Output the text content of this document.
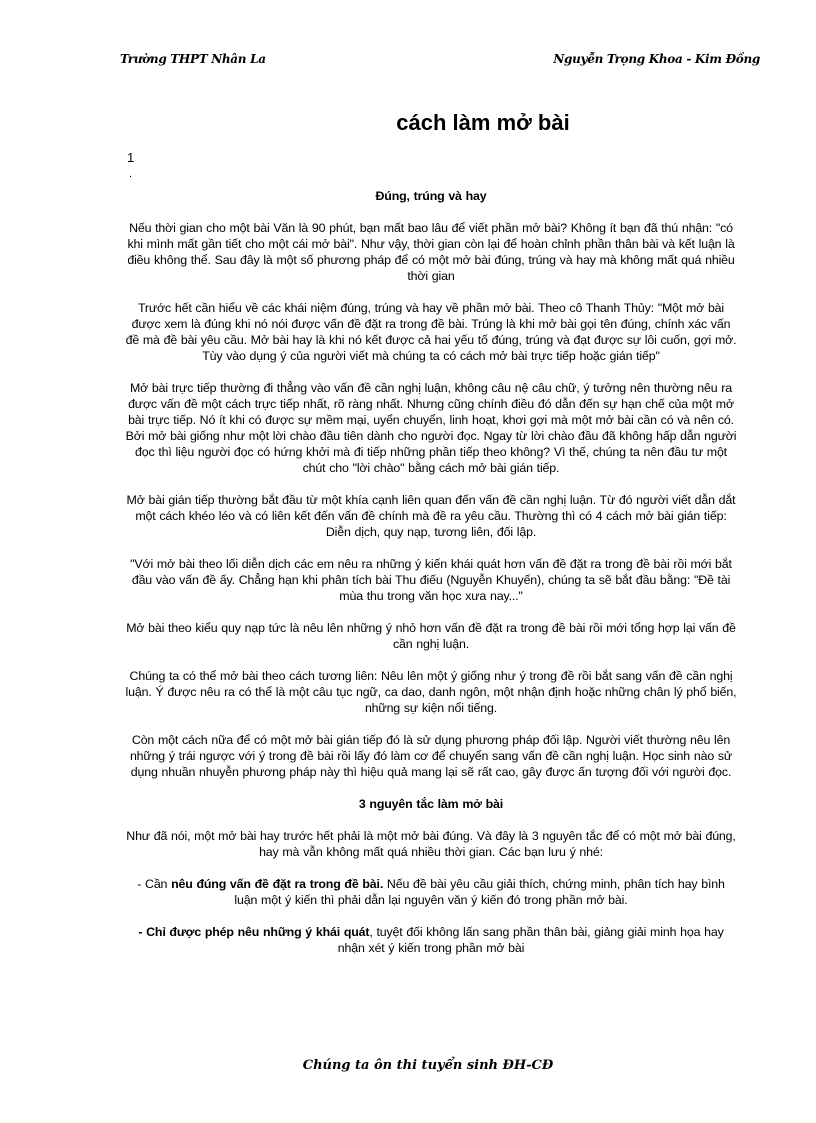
Trường THPT Nhân La	Nguyễn Trọng Khoa - Kim Đồng
cách làm mở bài
1
.
Đúng, trúng và hay

Nếu thời gian cho một bài Văn là 90 phút, bạn mất bao lâu để viết phần mở bài? Không ít bạn đã thú nhận: "có khi mình mất gần tiết cho một cái mở bài". Như vậy, thời gian còn lại để hoàn chỉnh phần thân bài và kết luận là điều không thể. Sau đây là một số phương pháp để có một mở bài đúng, trúng và hay mà không mất quá nhiều thời gian

Trước hết cần hiểu về các khái niệm đúng, trúng và hay về phần mở bài. Theo cô Thanh Thủy: "Một mở bài được xem là đúng khi nó nói được vấn đề đặt ra trong đề bài. Trúng là khi mở bài gọi tên đúng, chính xác vấn đề mà đề bài yêu cầu. Mở bài hay là khi nó kết được cả hai yếu tố đúng, trúng và đạt được sự lôi cuốn, gợi mở. Tùy vào dụng ý của người viết mà chúng ta có cách mở bài trực tiếp hoặc gián tiếp"

Mở bài trực tiếp thường đi thẳng vào vấn đề cần nghị luận, không câu nệ câu chữ, ý tưởng nên thường nêu ra được vấn đề một cách trực tiếp nhất, rõ ràng nhất. Nhưng cũng chính điều đó dẫn đến sự hạn chế của một mở bài trực tiếp. Nó ít khi có được sự mềm mại, uyển chuyển, linh hoạt, khơi gợi mà một mở bài cần có và nên có. Bởi mở bài giống như một lời chào đầu tiên dành cho người đọc. Ngay từ lời chào đầu đã không hấp dẫn người đọc thì liệu người đọc có hứng khởi mà đi tiếp những phần tiếp theo không? Vì thế, chúng ta nên đầu tư một chút cho "lời chào" bằng cách mở bài gián tiếp.

Mở bài gián tiếp thường bắt đầu từ một khía cạnh liên quan đến vấn đề cần nghị luận. Từ đó người viết dẫn dắt một cách khéo léo và có liên kết đến vấn đề chính mà đề ra yêu cầu. Thường thì có 4 cách mở bài gián tiếp: Diễn dịch, quy nạp, tương liên, đối lập.

"Với mở bài theo lối diễn dịch các em nêu ra những ý kiến khái quát hơn vấn đề đặt ra trong đề bài rồi mới bắt đầu vào vấn đề ấy. Chẳng hạn khi phân tích bài Thu điếu (Nguyễn Khuyến), chúng ta sẽ bắt đầu bằng: "Đề tài mùa thu trong văn học xưa nay..."

Mở bài theo kiểu quy nạp tức là nêu lên những ý nhỏ hơn vấn đề đặt ra trong đề bài rồi mới tổng hợp lại vấn đề cần nghị luận.

Chúng ta có thể mở bài theo cách tương liên: Nêu lên một ý giống như ý trong đề rồi bắt sang vấn đề cần nghị luận. Ý được nêu ra có thể là một câu tục ngữ, ca dao, danh ngôn, một nhận định hoặc những chân lý phổ biến, những sự kiện nổi tiếng.

Còn một cách nữa để có một mở bài gián tiếp đó là sử dụng phương pháp đối lập. Người viết thường nêu lên những ý trái ngược với ý trong đề bài rồi lấy đó làm cơ để chuyển sang vấn đề cần nghị luận. Học sinh nào sử dụng nhuần nhuyễn phương pháp này thì hiệu quả mang lại sẽ rất cao, gây được ấn tượng đối với người đọc.

3 nguyên tắc làm mở bài

Như đã nói, một mở bài hay trước hết phải là một mở bài đúng. Và đây là 3 nguyên tắc để có một mở bài đúng, hay mà vẫn không mất quá nhiều thời gian. Các bạn lưu ý nhé:

- Cần nêu đúng vấn đề đặt ra trong đề bài. Nếu đề bài yêu cầu giải thích, chứng minh, phân tích hay bình luận một ý kiến thì phải dẫn lại nguyên văn ý kiến đó trong phần mở bài.

- Chỉ được phép nêu những ý khái quát, tuyệt đối không lấn sang phần thân bài, giảng giải minh họa hay nhận xét ý kiến trong phần mở bài

Chúng ta ôn thi tuyển sinh ĐH-CĐ
